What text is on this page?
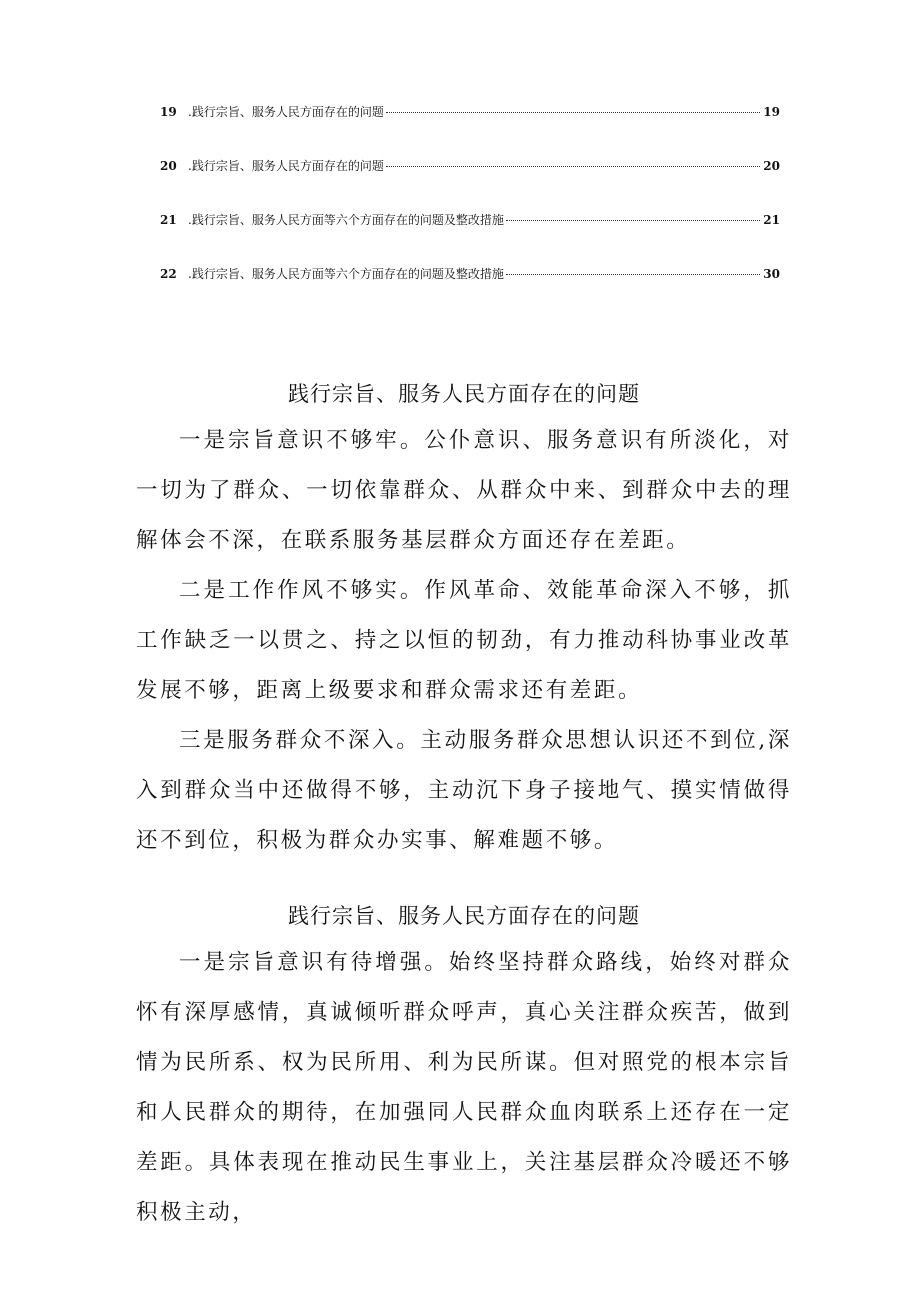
19 .践行宗旨、服务人民方面存在的问题	19
20 .践行宗旨、服务人民方面存在的问题	20
21 .践行宗旨、服务人民方面等六个方面存在的问题及整改措施	21
22 .践行宗旨、服务人民方面等六个方面存在的问题及整改措施	30
践行宗旨、服务人民方面存在的问题

一是宗旨意识不够牢。公仆意识、服务意识有所淡化，对一切为了群众、一切依靠群众、从群众中来、到群众中去的理解体会不深，在联系服务基层群众方面还存在差距。

二是工作作风不够实。作风革命、效能革命深入不够，抓工作缺乏一以贯之、持之以恒的韧劲，有力推动科协事业改革发展不够，距离上级要求和群众需求还有差距。

三是服务群众不深入。主动服务群众思想认识还不到位,深入到群众当中还做得不够，主动沉下身子接地气、摸实情做得还不到位，积极为群众办实事、解难题不够。

践行宗旨、服务人民方面存在的问题

一是宗旨意识有待增强。始终坚持群众路线，始终对群众怀有深厚感情，真诚倾听群众呼声，真心关注群众疾苦，做到情为民所系、权为民所用、利为民所谋。但对照党的根本宗旨和人民群众的期待，在加强同人民群众血肉联系上还存在一定差距。具体表现在推动民生事业上，关注基层群众冷暖还不够积极主动，
